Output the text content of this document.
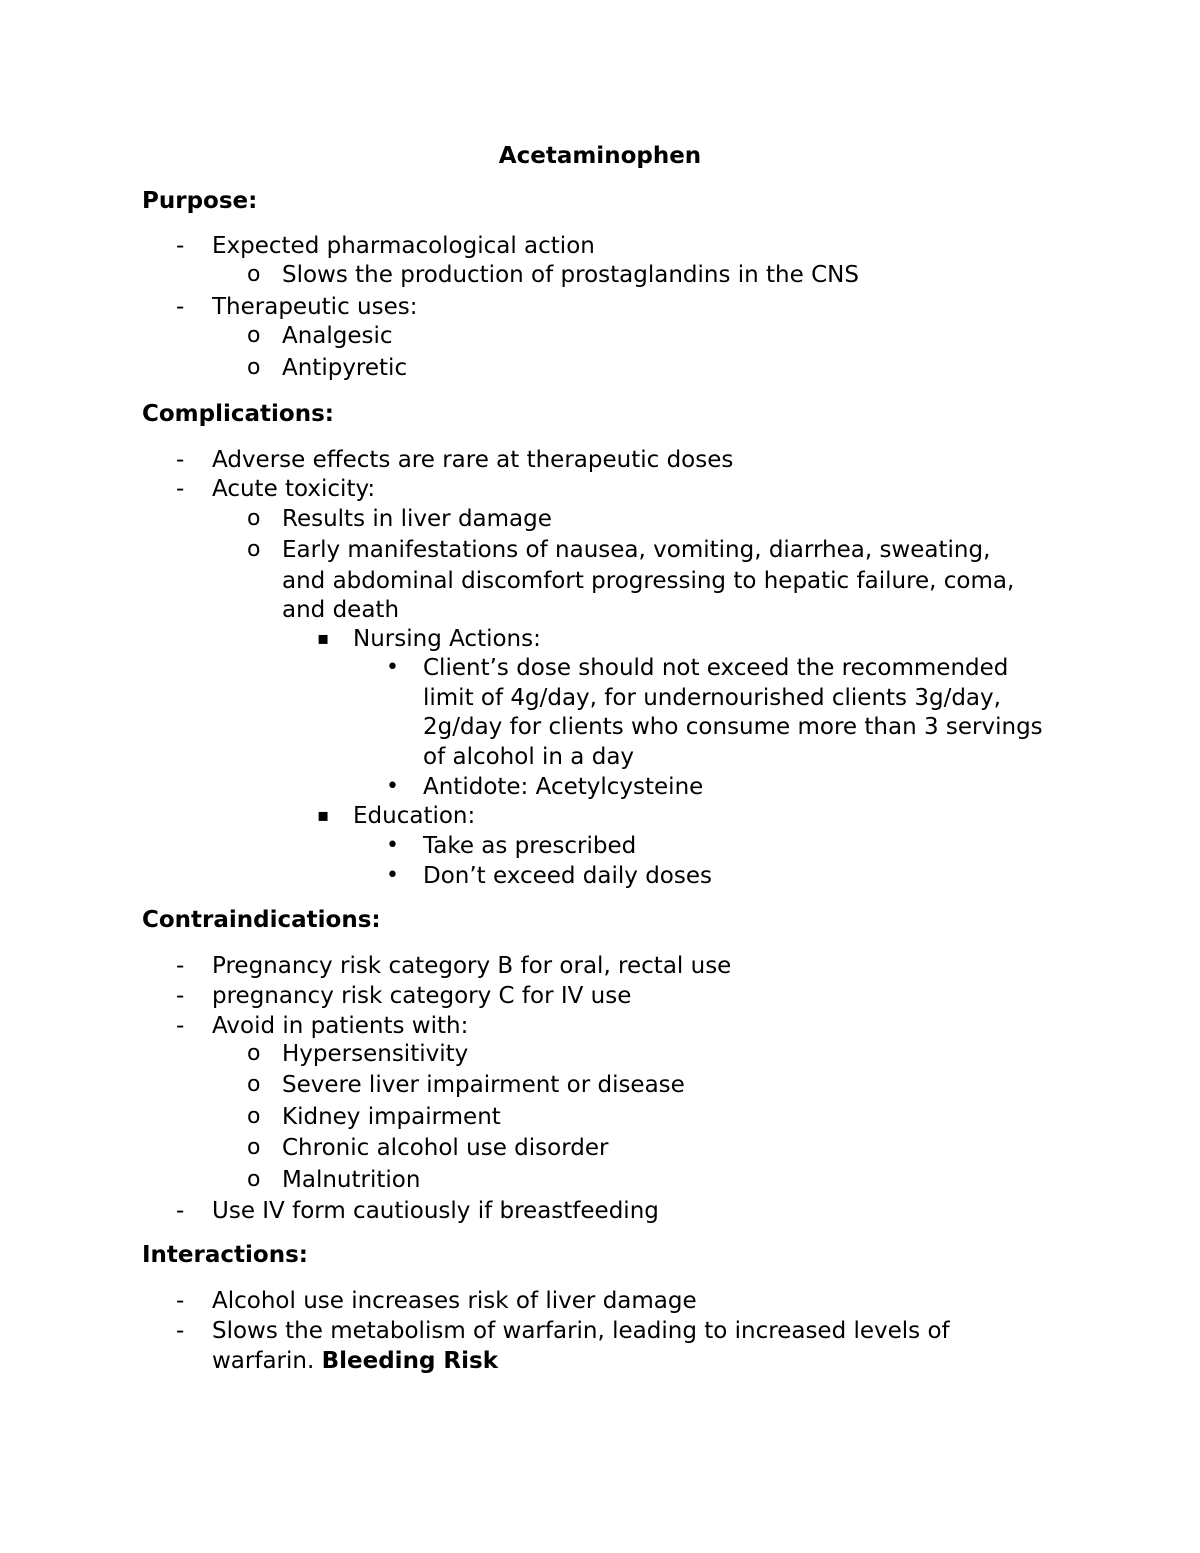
Acetaminophen
Purpose:
- Expected pharmacological action
o Slows the production of prostaglandins in the CNS
- Therapeutic uses:
o Analgesic
o Antipyretic
Complications:
- Adverse effects are rare at therapeutic doses
- Acute toxicity:
o Results in liver damage
o Early manifestations of nausea, vomiting, diarrhea, sweating,
and abdominal discomfort progressing to hepatic failure, coma,
and death
▪ Nursing Actions:
• Client’s dose should not exceed the recommended
limit of 4g/day, for undernourished clients 3g/day,
2g/day for clients who consume more than 3 servings
of alcohol in a day
• Antidote: Acetylcysteine
▪ Education:
• Take as prescribed
• Don’t exceed daily doses
Contraindications:
- Pregnancy risk category B for oral, rectal use
- pregnancy risk category C for IV use
- Avoid in patients with:
o Hypersensitivity
o Severe liver impairment or disease
o Kidney impairment
o Chronic alcohol use disorder
o Malnutrition
- Use IV form cautiously if breastfeeding
Interactions:
- Alcohol use increases risk of liver damage
- Slows the metabolism of warfarin, leading to increased levels of
warfarin. Bleeding Risk
